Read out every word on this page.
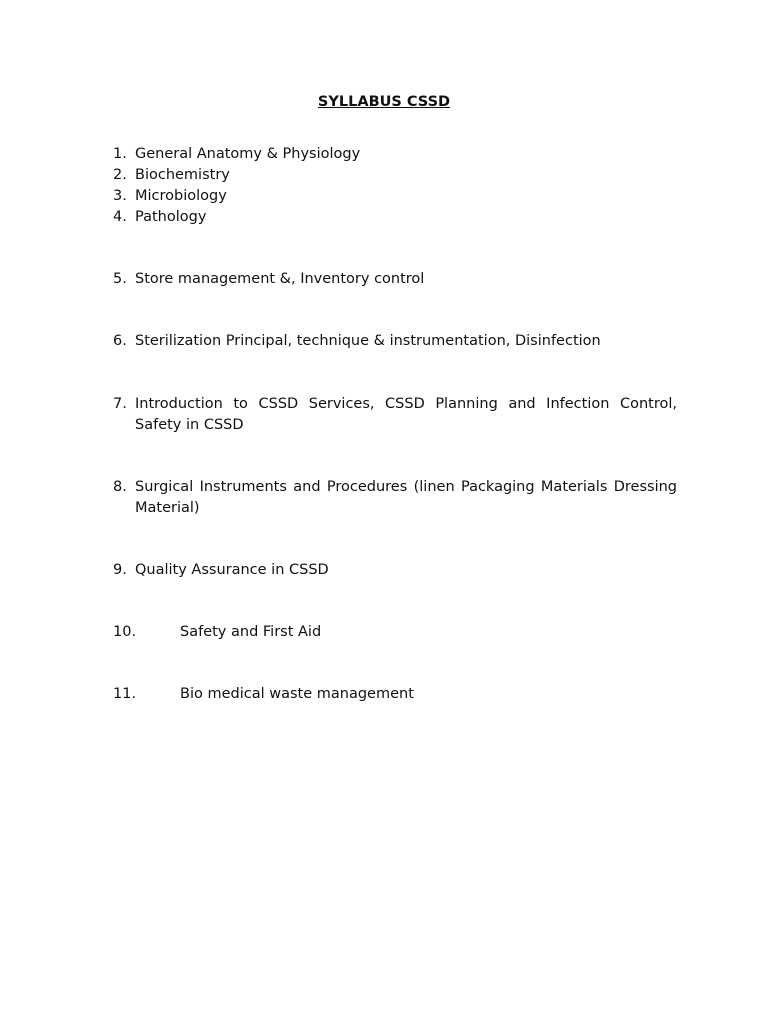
SYLLABUS CSSD
1. General Anatomy & Physiology
2. Biochemistry
3. Microbiology
4. Pathology
5. Store management &, Inventory control
6. Sterilization Principal, technique & instrumentation, Disinfection
7. Introduction to CSSD Services, CSSD Planning and Infection Control, Safety in CSSD
8. Surgical Instruments and Procedures (linen Packaging Materials Dressing Material)
9. Quality Assurance in CSSD
10.	Safety and First Aid
11.	Bio medical waste management
